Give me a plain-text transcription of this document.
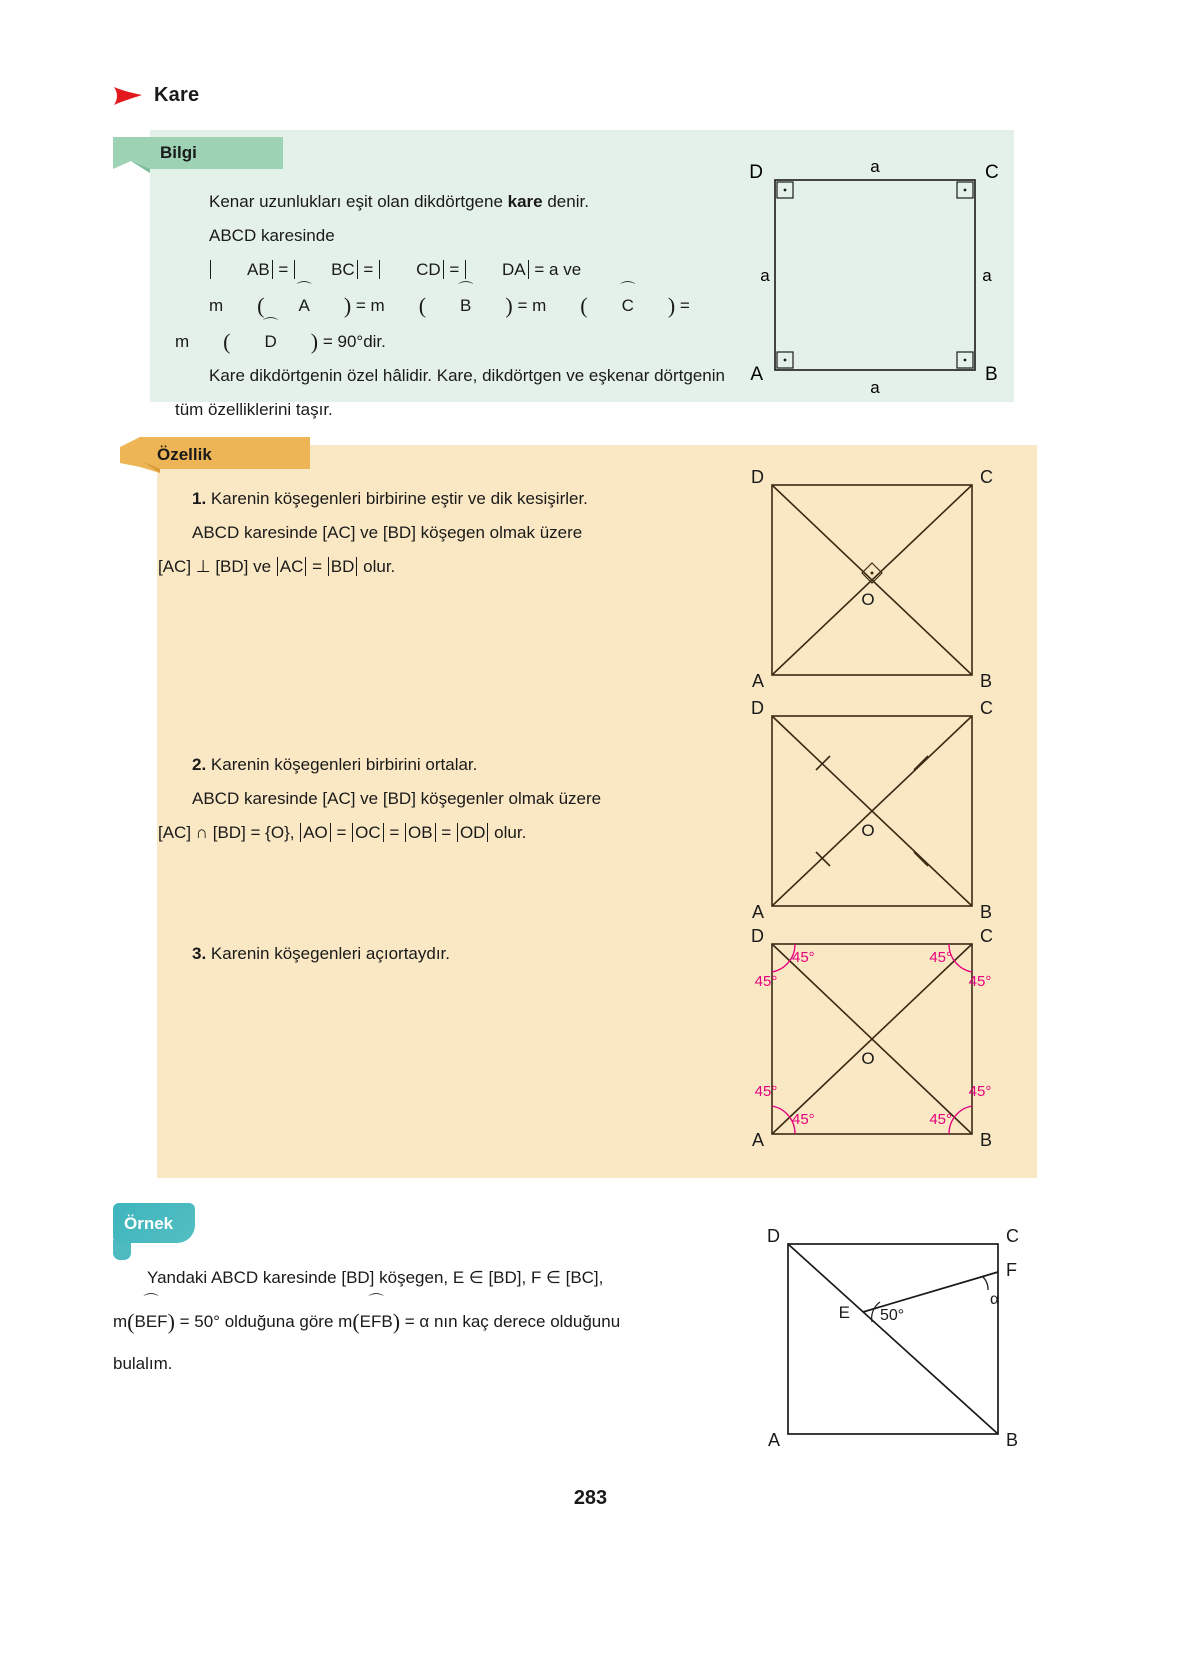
Kare
Bilgi

Kenar uzunlukları eşit olan dikdörtgene kare denir.

ABCD karesinde

AB = BC = CD = DA = a ve

m (
⌒
A ) = m (
⌒
B ) = m (
⌒
C ) = m (
⌒
D ) = 90°dir.

Kare dikdörtgenin özel hâlidir. Kare, dikdörtgen ve eşkenar dörtgenin tüm özelliklerini taşır.

D	C
A	B
a
a
a	a
Özellik

1. Karenin köşegenleri birbirine eştir ve dik kesişirler.

ABCD karesinde [AC] ve [BD] köşegen olmak üzere

[AC] ⊥ [BD] ve AC = BD olur.

2. Karenin köşegenleri birbirini ortalar.

ABCD karesinde [AC] ve [BD] köşegenler olmak üzere

[AC] ∩ [BD] = {O}, AO = OC = OB = OD olur.

3. Karenin köşegenleri açıortaydır.

D	C
A	B
O
D	C
A	B
O
45°
45°
45°
45°
45°
45°
45°
45°
D	C
A	B
O
D	C
A	B
E
F
50°
α
Örnek

Yandaki ABCD karesinde [BD] köşegen, E ∈ [BD], F ∈ [BC],

m(
⌒
BEF) = 50° olduğuna göre m(
⌒
EFB) = α nın kaç derece olduğunu

bulalım.

283
